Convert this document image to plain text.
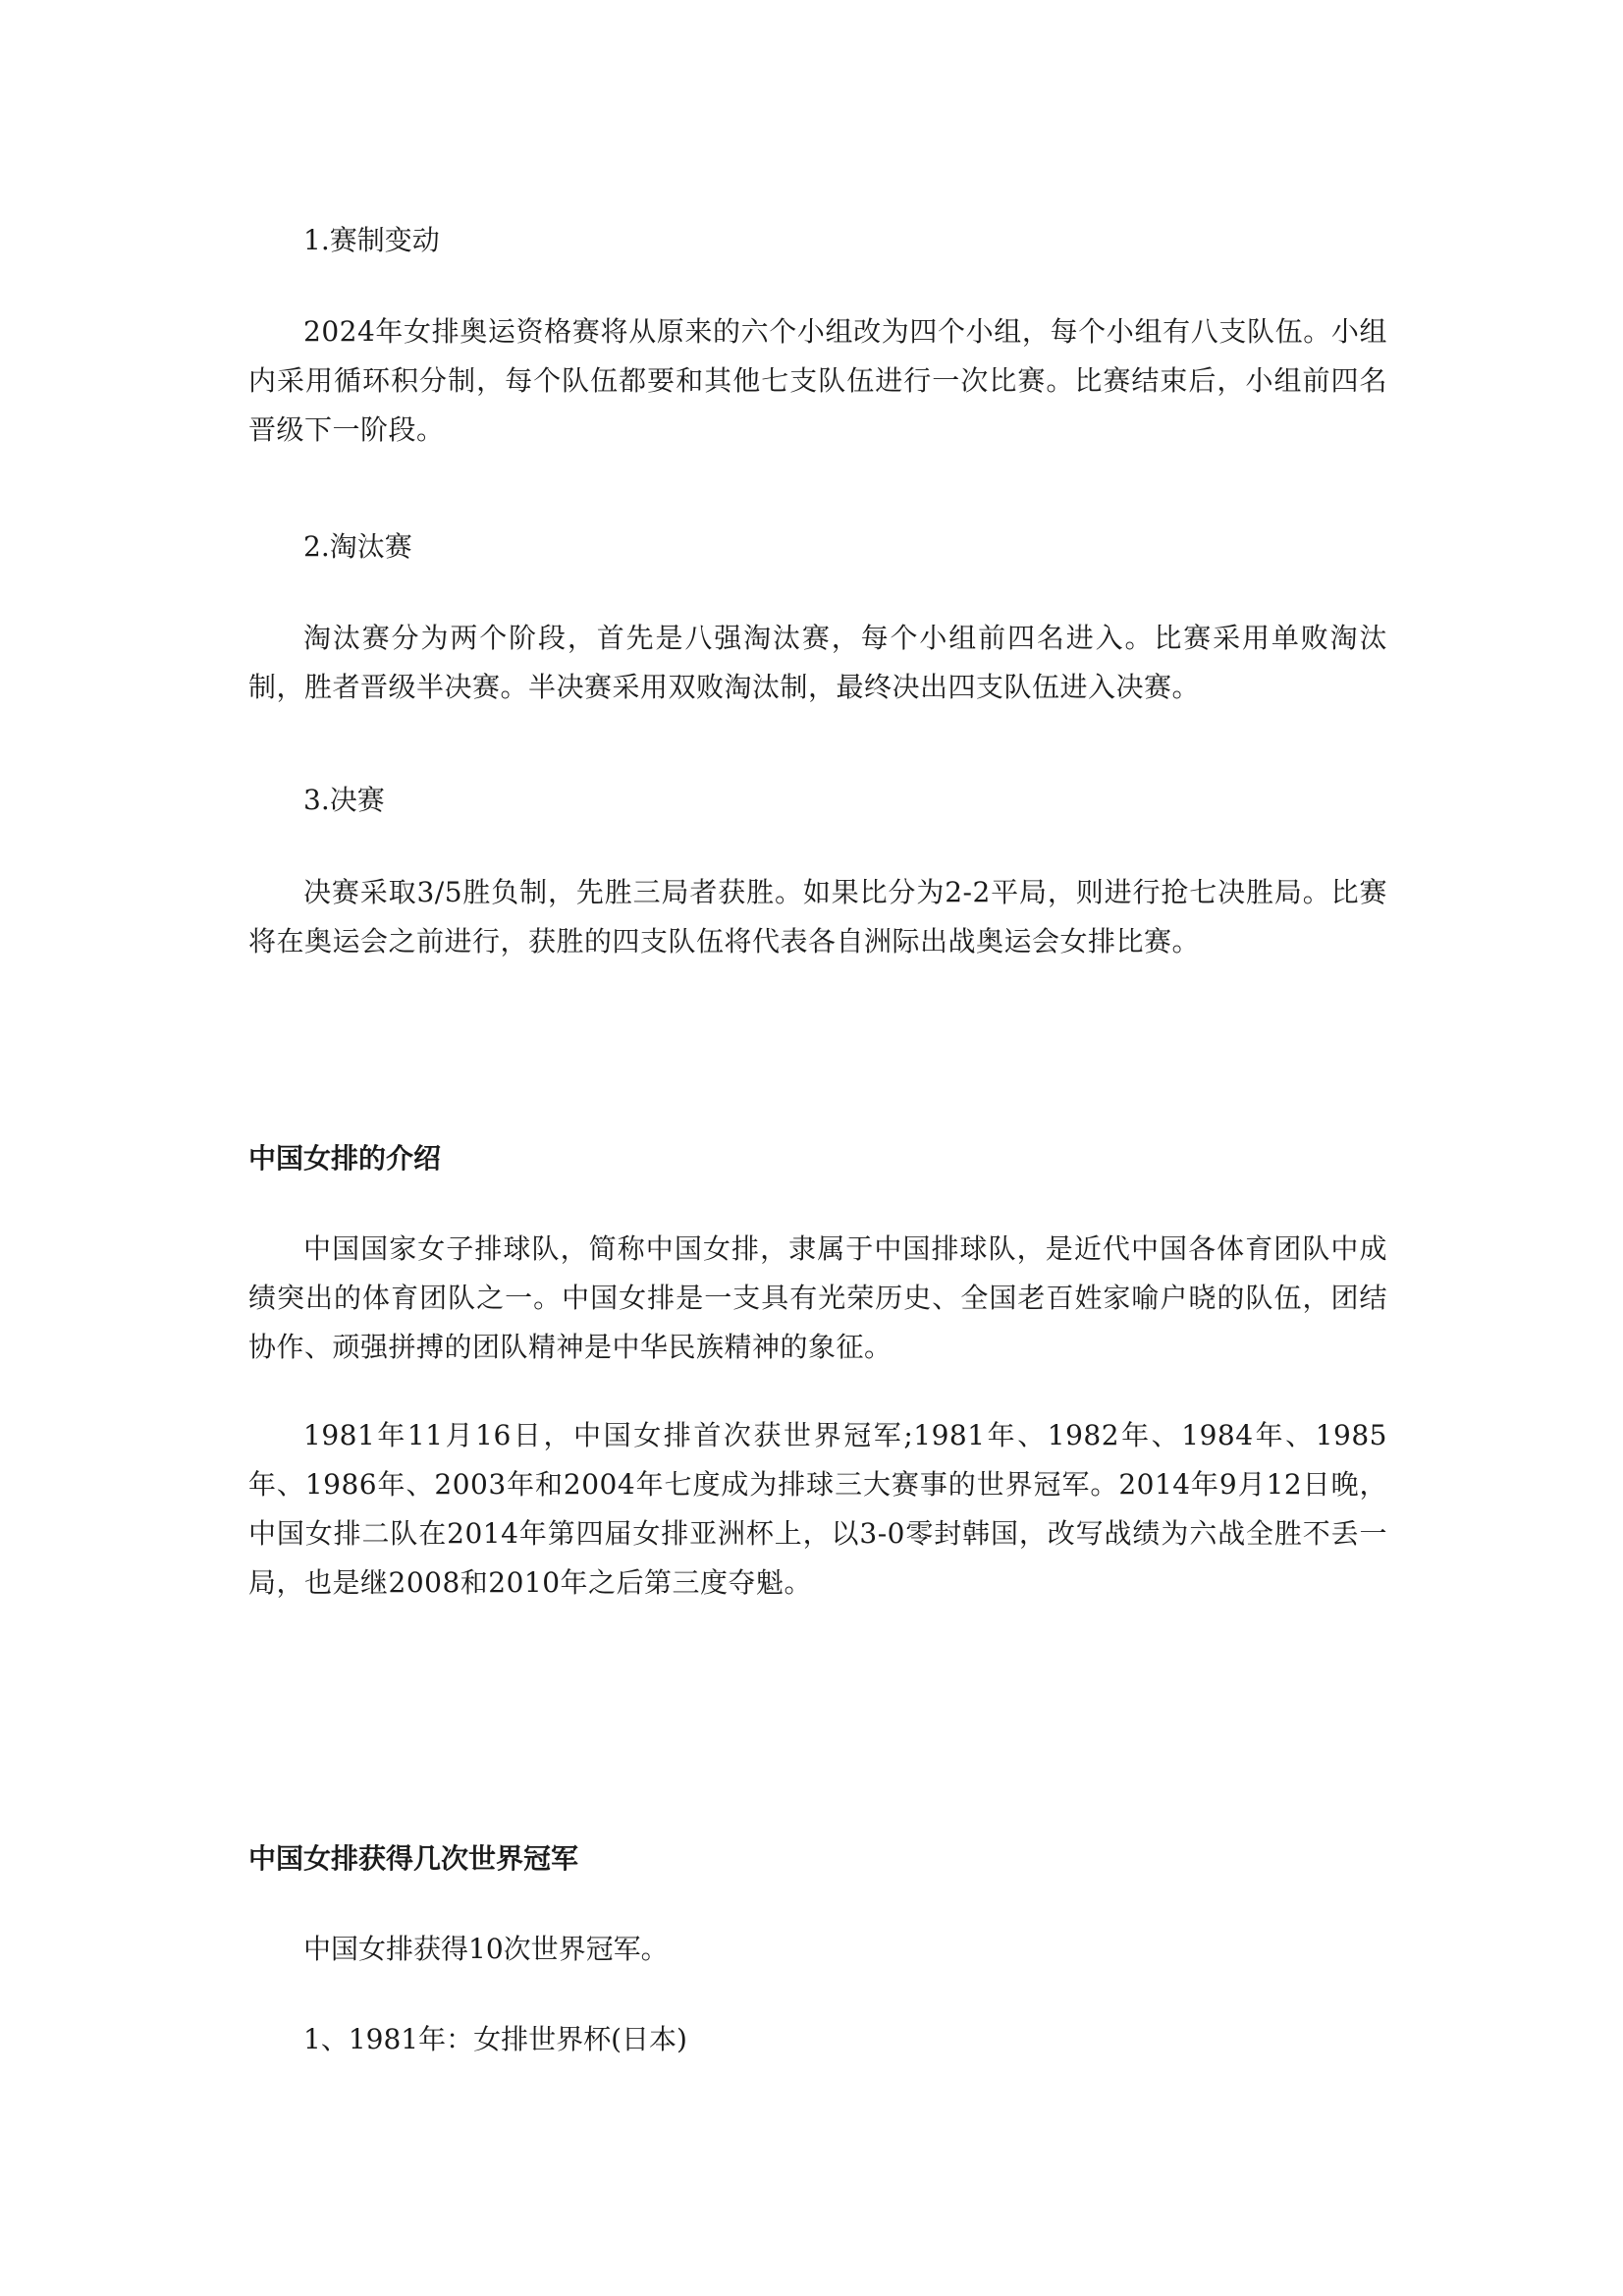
1.赛制变动

2024年女排奥运资格赛将从原来的六个小组改为四个小组，每个小组有八支队伍。小组内采用循环积分制，每个队伍都要和其他七支队伍进行一次比赛。比赛结束后，小组前四名晋级下一阶段。

2.淘汰赛

淘汰赛分为两个阶段，首先是八强淘汰赛，每个小组前四名进入。比赛采用单败淘汰制，胜者晋级半决赛。半决赛采用双败淘汰制，最终决出四支队伍进入决赛。

3.决赛

决赛采取3/5胜负制，先胜三局者获胜。如果比分为2-2平局，则进行抢七决胜局。比赛将在奥运会之前进行，获胜的四支队伍将代表各自洲际出战奥运会女排比赛。

中国女排的介绍

中国国家女子排球队，简称中国女排，隶属于中国排球队，是近代中国各体育团队中成绩突出的体育团队之一。中国女排是一支具有光荣历史、全国老百姓家喻户晓的队伍，团结协作、顽强拼搏的团队精神是中华民族精神的象征。

1981年11月16日，中国女排首次获世界冠军;1981年、1982年、1984年、1985年、1986年、2003年和2004年七度成为排球三大赛事的世界冠军。2014年9月12日晚，中国女排二队在2014年第四届女排亚洲杯上，以3-0零封韩国，改写战绩为六战全胜不丢一局，也是继2008和2010年之后第三度夺魁。

中国女排获得几次世界冠军

中国女排获得10次世界冠军。

1、1981年：女排世界杯(日本)
